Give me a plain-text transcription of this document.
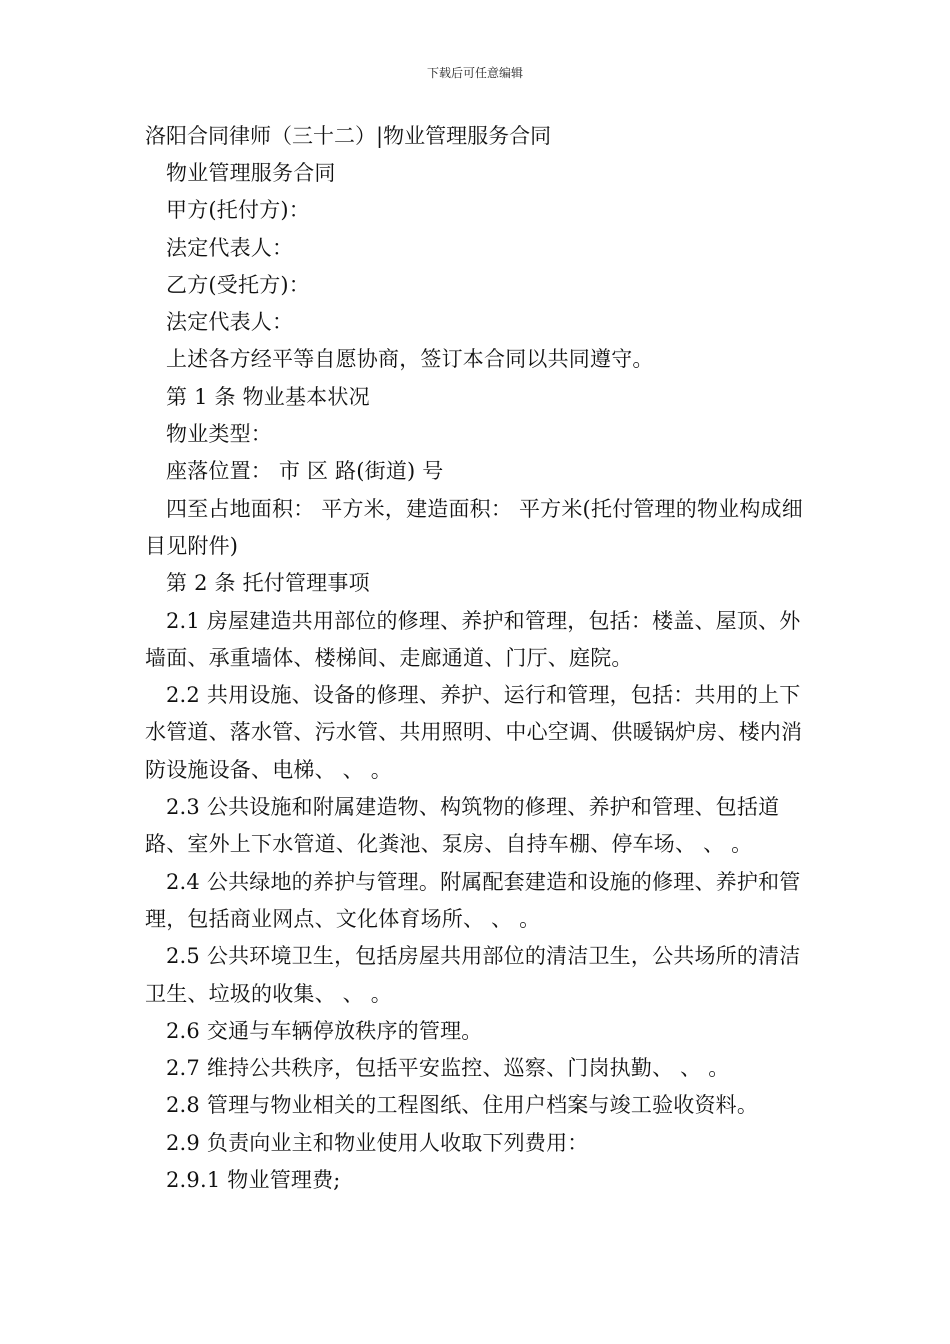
下载后可任意编辑

洛阳合同律师（三十二）|物业管理服务合同

物业管理服务合同

甲方(托付方)：

法定代表人：

乙方(受托方)：

法定代表人：

上述各方经平等自愿协商，签订本合同以共同遵守。

第 1 条 物业基本状况

物业类型：

座落位置： 市 区 路(街道) 号

四至占地面积： 平方米，建造面积： 平方米(托付管理的物业构成细目见附件)

第 2 条 托付管理事项

2.1 房屋建造共用部位的修理、养护和管理，包括：楼盖、屋顶、外墙面、承重墙体、楼梯间、走廊通道、门厅、庭院。

2.2 共用设施、设备的修理、养护、运行和管理，包括：共用的上下水管道、落水管、污水管、共用照明、中心空调、供暖锅炉房、楼内消防设施设备、电梯、 、 。

2.3 公共设施和附属建造物、构筑物的修理、养护和管理、包括道路、室外上下水管道、化粪池、泵房、自持车棚、停车场、 、 。

2.4 公共绿地的养护与管理。附属配套建造和设施的修理、养护和管理，包括商业网点、文化体育场所、 、 。

2.5 公共环境卫生，包括房屋共用部位的清洁卫生，公共场所的清洁卫生、垃圾的收集、 、 。

2.6 交通与车辆停放秩序的管理。

2.7 维持公共秩序，包括平安监控、巡察、门岗执勤、 、 。

2.8 管理与物业相关的工程图纸、住用户档案与竣工验收资料。

2.9 负责向业主和物业使用人收取下列费用：

2.9.1 物业管理费;
